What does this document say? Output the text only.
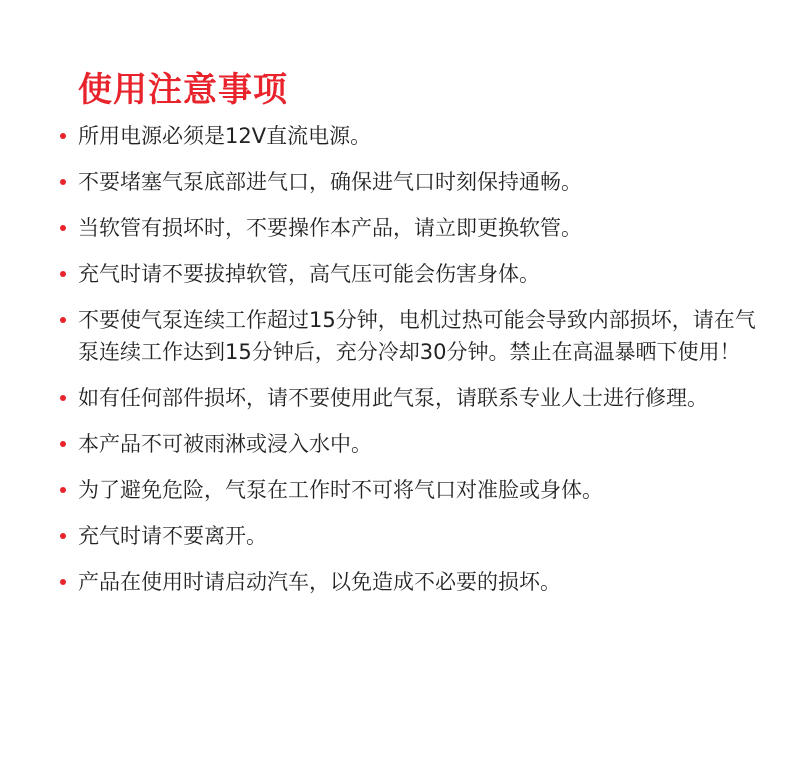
使用注意事项
所用电源必须是12V直流电源。
不要堵塞气泵底部进气口，确保进气口时刻保持通畅。
当软管有损坏时，不要操作本产品，请立即更换软管。
充气时请不要拔掉软管，高气压可能会伤害身体。
不要使气泵连续工作超过15分钟，电机过热可能会导致内部损坏，请在气泵连续工作达到15分钟后，充分冷却30分钟。禁止在高温暴晒下使用！
如有任何部件损坏，请不要使用此气泵，请联系专业人士进行修理。
本产品不可被雨淋或浸入水中。
为了避免危险，气泵在工作时不可将气口对准脸或身体。
充气时请不要离开。
产品在使用时请启动汽车，以免造成不必要的损坏。
